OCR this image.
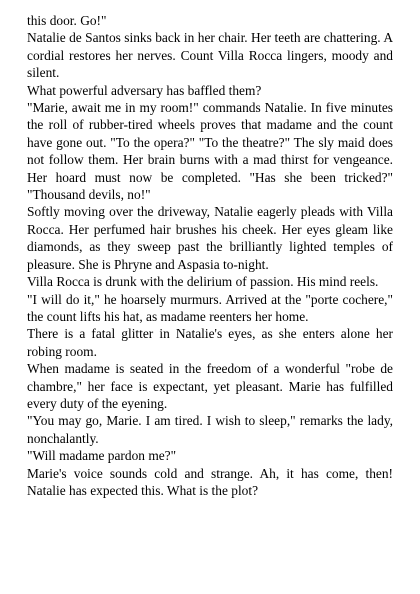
this door. Go!"

Natalie de Santos sinks back in her chair. Her teeth are chattering. A cordial restores her nerves. Count Villa Rocca lingers, moody and silent.

What powerful adversary has baffled them?

"Marie, await me in my room!" commands Natalie. In five minutes the roll of rubber-tired wheels proves that madame and the count have gone out. "To the opera?" "To the theatre?" The sly maid does not follow them. Her brain burns with a mad thirst for vengeance. Her hoard must now be completed. "Has she been tricked?" "Thousand devils, no!"

Softly moving over the driveway, Natalie eagerly pleads with Villa Rocca. Her perfumed hair brushes his cheek. Her eyes gleam like diamonds, as they sweep past the brilliantly lighted temples of pleasure. She is Phryne and Aspasia to-night.

Villa Rocca is drunk with the delirium of passion. His mind reels.

"I will do it," he hoarsely murmurs. Arrived at the "porte cochere," the count lifts his hat, as madame reenters her home.

There is a fatal glitter in Natalie's eyes, as she enters alone her robing room.

When madame is seated in the freedom of a wonderful "robe de chambre," her face is expectant, yet pleasant. Marie has fulfilled every duty of the eyening.

"You may go, Marie. I am tired. I wish to sleep," remarks the lady, nonchalantly.

"Will madame pardon me?"

Marie's voice sounds cold and strange. Ah, it has come, then! Natalie has expected this. What is the plot?
